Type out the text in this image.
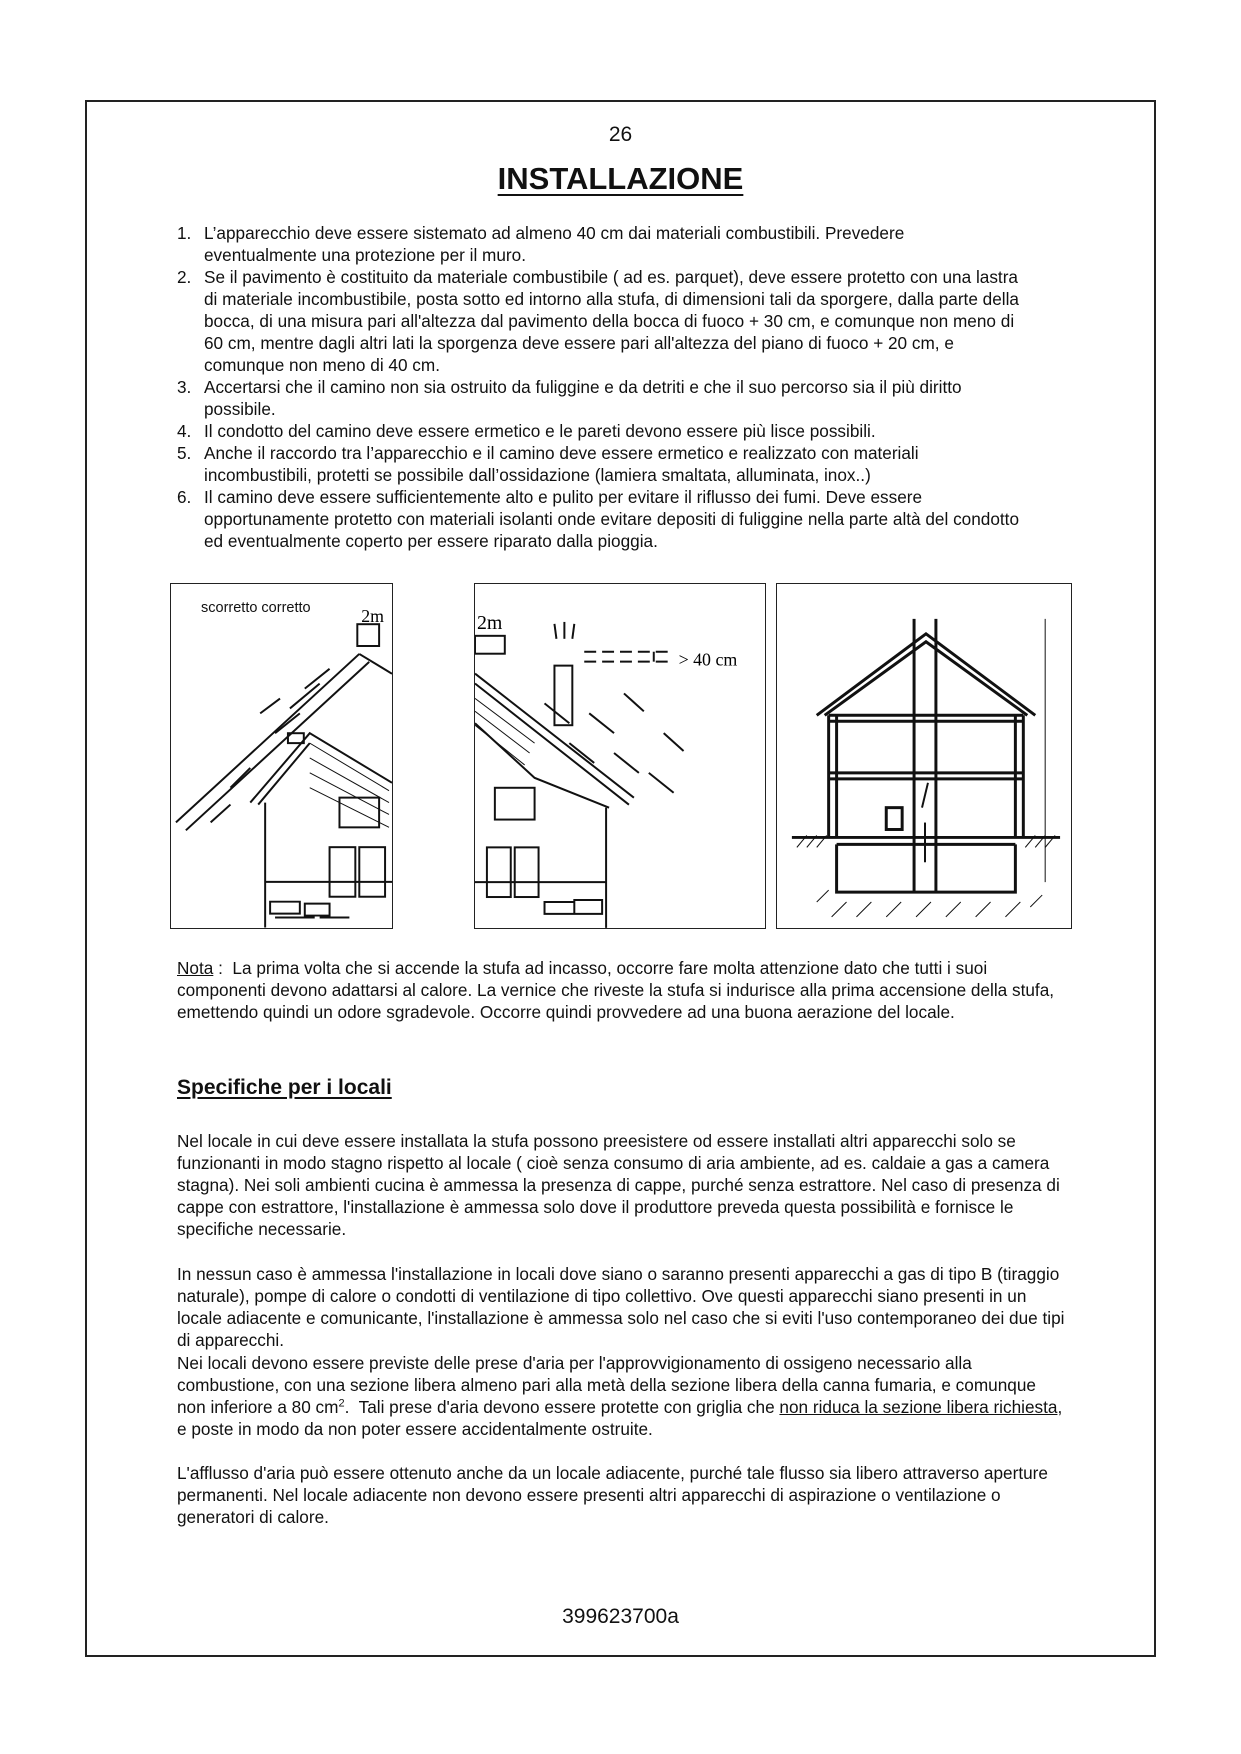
26
INSTALLAZIONE
1. L’apparecchio deve essere sistemato ad almeno 40 cm dai materiali combustibili. Prevedere eventualmente una protezione per il muro.
2. Se il pavimento è costituito da materiale combustibile ( ad es. parquet), deve essere protetto con una lastra di materiale incombustibile, posta sotto ed intorno alla stufa, di dimensioni tali da sporgere, dalla parte della bocca, di una misura pari all'altezza dal pavimento della bocca di fuoco + 30 cm, e comunque non meno di 60 cm, mentre dagli altri lati la sporgenza deve essere pari all'altezza del piano di fuoco + 20 cm, e comunque non meno di 40 cm.
3. Accertarsi che il camino non sia ostruito da fuliggine e da detriti e che il suo percorso sia il più diritto possibile.
4. Il condotto del camino deve essere ermetico e le pareti devono essere più lisce possibili.
5. Anche il raccordo tra l’apparecchio e il camino deve essere ermetico e realizzato con materiali incombustibili, protetti se possibile dall’ossidazione (lamiera smaltata, alluminata, inox..)
6. Il camino deve essere sufficientemente alto e pulito per evitare il riflusso dei fumi. Deve essere opportunamente protetto con materiali isolanti onde evitare depositi di fuliggine nella parte altà del condotto ed eventualmente coperto per essere riparato dalla pioggia.
2m
scorretto corretto
2m
> 40 cm

Nota :  La prima volta che si accende la stufa ad incasso, occorre fare molta attenzione dato che tutti i suoi componenti devono adattarsi al calore. La vernice che riveste la stufa si indurisce alla prima accensione della stufa, emettendo quindi un odore sgradevole. Occorre quindi provvedere ad una buona aerazione del locale.

Specifiche per i locali

Nel locale in cui deve essere installata la stufa possono preesistere od essere installati altri apparecchi solo se funzionanti in modo stagno rispetto al locale ( cioè senza consumo di aria ambiente, ad es. caldaie a gas a camera stagna). Nei soli ambienti cucina è ammessa la presenza di cappe, purché senza estrattore. Nel caso di presenza di cappe con estrattore, l'installazione è ammessa solo dove il produttore preveda questa possibilità e fornisce le specifiche necessarie.

In nessun caso è ammessa l'installazione in locali dove siano o saranno presenti apparecchi a gas di tipo B (tiraggio naturale), pompe di calore o condotti di ventilazione di tipo collettivo. Ove questi apparecchi siano presenti in un locale adiacente e comunicante, l'installazione è ammessa solo nel caso che si eviti l'uso contemporaneo dei due tipi di apparecchi.

Nei locali devono essere previste delle prese d'aria per l'approvvigionamento di ossigeno necessario alla combustione, con una sezione libera almeno pari alla metà della sezione libera della canna fumaria, e comunque non inferiore a 80 $cm^2$.  Tali prese d'aria devono essere protette con griglia che non riduca la sezione libera richiesta, e poste in modo da non poter essere accidentalmente ostruite.

L'afflusso d'aria può essere ottenuto anche da un locale adiacente, purché tale flusso sia libero attraverso aperture permanenti. Nel locale adiacente non devono essere presenti altri apparecchi di aspirazione o ventilazione o generatori di calore.

399623700a
